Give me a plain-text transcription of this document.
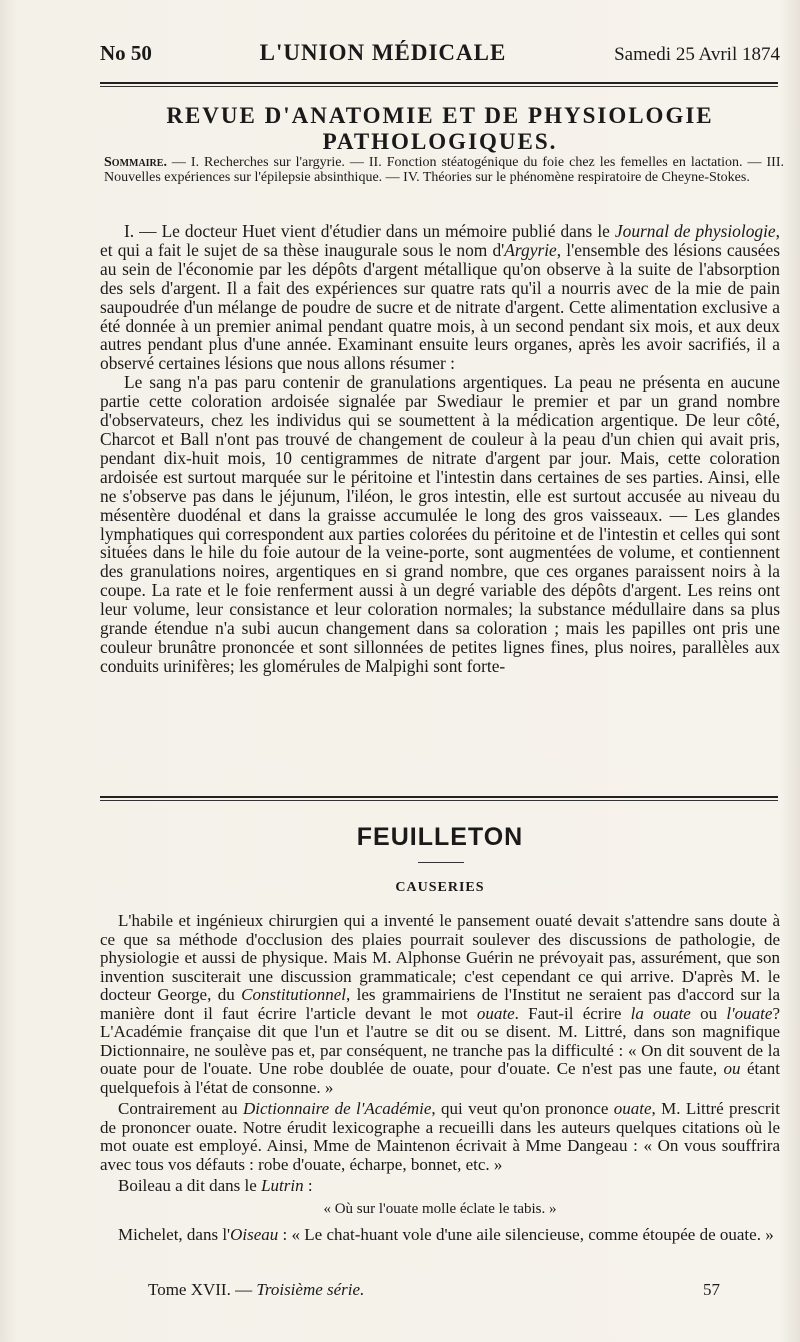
No 50	L'UNION MÉDICALE	Samedi 25 Avril 1874
REVUE D'ANATOMIE ET DE PHYSIOLOGIE PATHOLOGIQUES.
Sommaire. — I. Recherches sur l'argyrie. — II. Fonction stéatogénique du foie chez les femelles en lactation. — III. Nouvelles expériences sur l'épilepsie absinthique. — IV. Théories sur le phénomène respiratoire de Cheyne-Stokes.

I. — Le docteur Huet vient d'étudier dans un mémoire publié dans le Journal de physiologie, et qui a fait le sujet de sa thèse inaugurale sous le nom d'Argyrie, l'ensemble des lésions causées au sein de l'économie par les dépôts d'argent métallique qu'on observe à la suite de l'absorption des sels d'argent. Il a fait des expériences sur quatre rats qu'il a nourris avec de la mie de pain saupoudrée d'un mélange de poudre de sucre et de nitrate d'argent. Cette alimentation exclusive a été donnée à un premier animal pendant quatre mois, à un second pendant six mois, et aux deux autres pendant plus d'une année. Examinant ensuite leurs organes, après les avoir sacrifiés, il a observé certaines lésions que nous allons résumer :

Le sang n'a pas paru contenir de granulations argentiques. La peau ne présenta en aucune partie cette coloration ardoisée signalée par Swediaur le premier et par un grand nombre d'observateurs, chez les individus qui se soumettent à la médication argentique. De leur côté, Charcot et Ball n'ont pas trouvé de changement de couleur à la peau d'un chien qui avait pris, pendant dix-huit mois, 10 centigrammes de nitrate d'argent par jour. Mais, cette coloration ardoisée est surtout marquée sur le péritoine et l'intestin dans certaines de ses parties. Ainsi, elle ne s'observe pas dans le jéjunum, l'iléon, le gros intestin, elle est surtout accusée au niveau du mésentère duodénal et dans la graisse accumulée le long des gros vaisseaux. — Les glandes lymphatiques qui correspondent aux parties colorées du péritoine et de l'intestin et celles qui sont situées dans le hile du foie autour de la veine-porte, sont augmentées de volume, et contiennent des granulations noires, argentiques en si grand nombre, que ces organes paraissent noirs à la coupe. La rate et le foie renferment aussi à un degré variable des dépôts d'argent. Les reins ont leur volume, leur consistance et leur coloration normales; la substance médullaire dans sa plus grande étendue n'a subi aucun changement dans sa coloration ; mais les papilles ont pris une couleur brunâtre prononcée et sont sillonnées de petites lignes fines, plus noires, parallèles aux conduits urinifères; les glomérules de Malpighi sont forte-

FEUILLETON
CAUSERIES

L'habile et ingénieux chirurgien qui a inventé le pansement ouaté devait s'attendre sans doute à ce que sa méthode d'occlusion des plaies pourrait soulever des discussions de pathologie, de physiologie et aussi de physique. Mais M. Alphonse Guérin ne prévoyait pas, assurément, que son invention susciterait une discussion grammaticale; c'est cependant ce qui arrive. D'après M. le docteur George, du Constitutionnel, les grammairiens de l'Institut ne seraient pas d'accord sur la manière dont il faut écrire l'article devant le mot ouate. Faut-il écrire la ouate ou l'ouate? L'Académie française dit que l'un et l'autre se dit ou se disent. M. Littré, dans son magnifique Dictionnaire, ne soulève pas et, par conséquent, ne tranche pas la difficulté : « On dit souvent de la ouate pour de l'ouate. Une robe doublée de ouate, pour d'ouate. Ce n'est pas une faute, ou étant quelquefois à l'état de consonne. »

Contrairement au Dictionnaire de l'Académie, qui veut qu'on prononce ouate, M. Littré prescrit de prononcer ouate. Notre érudit lexicographe a recueilli dans les auteurs quelques citations où le mot ouate est employé. Ainsi, Mme de Maintenon écrivait à Mme Dangeau : « On vous souffrira avec tous vos défauts : robe d'ouate, écharpe, bonnet, etc. »

Boileau a dit dans le Lutrin :

« Où sur l'ouate molle éclate le tabis. »

Michelet, dans l'Oiseau : « Le chat-huant vole d'une aile silencieuse, comme étoupée de ouate. »

Tome XVII. — Troisième série.	57
